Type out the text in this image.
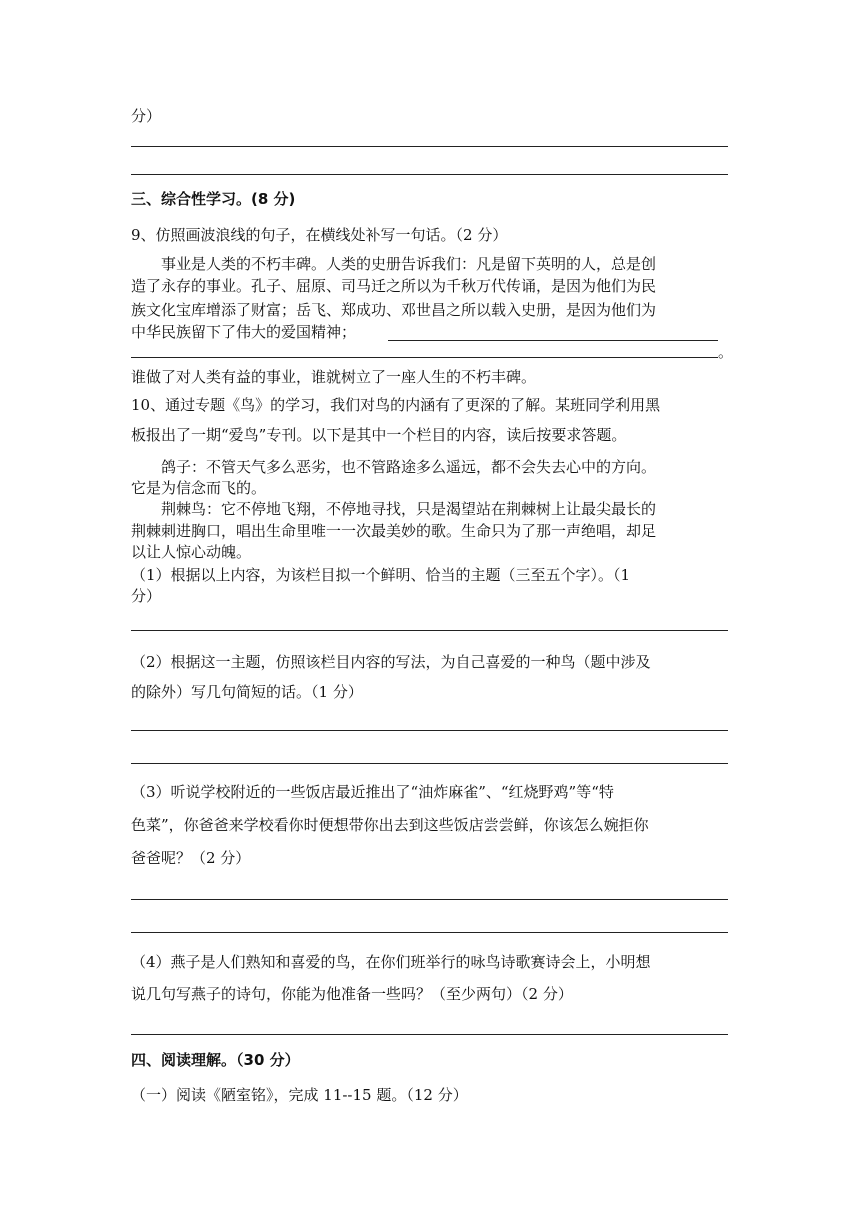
分）
三、综合性学习。(8 分)
9、仿照画波浪线的句子，在横线处补写一句话。（2 分）
事业是人类的不朽丰碑。人类的史册告诉我们：凡是留下英明的人，总是创
造了永存的事业。孔子、屈原、司马迁之所以为千秋万代传诵，是因为他们为民
族文化宝库增添了财富；岳飞、郑成功、邓世昌之所以载入史册，是因为他们为
中华民族留下了伟大的爱国精神；
。
谁做了对人类有益的事业，谁就树立了一座人生的不朽丰碑。
10、通过专题《鸟》的学习，我们对鸟的内涵有了更深的了解。某班同学利用黑
板报出了一期“爱鸟”专刊。以下是其中一个栏目的内容，读后按要求答题。
鸽子：不管天气多么恶劣，也不管路途多么遥远，都不会失去心中的方向。
它是为信念而飞的。
荆棘鸟：它不停地飞翔，不停地寻找，只是渴望站在荆棘树上让最尖最长的
荆棘刺进胸口，唱出生命里唯一一次最美妙的歌。生命只为了那一声绝唱，却足
以让人惊心动魄。
（1）根据以上内容，为该栏目拟一个鲜明、恰当的主题（三至五个字）。（1
分）
（2）根据这一主题，仿照该栏目内容的写法，为自己喜爱的一种鸟（题中涉及
的除外）写几句简短的话。（1 分）
（3）听说学校附近的一些饭店最近推出了“油炸麻雀”、“红烧野鸡”等“特
色菜”，你爸爸来学校看你时便想带你出去到这些饭店尝尝鲜，你该怎么婉拒你
爸爸呢？（2 分）
（4）燕子是人们熟知和喜爱的鸟，在你们班举行的咏鸟诗歌赛诗会上，小明想
说几句写燕子的诗句，你能为他准备一些吗？（至少两句）（2 分）
四、阅读理解。（30 分）
（一）阅读《陋室铭》，完成 11--15 题。（12 分）
